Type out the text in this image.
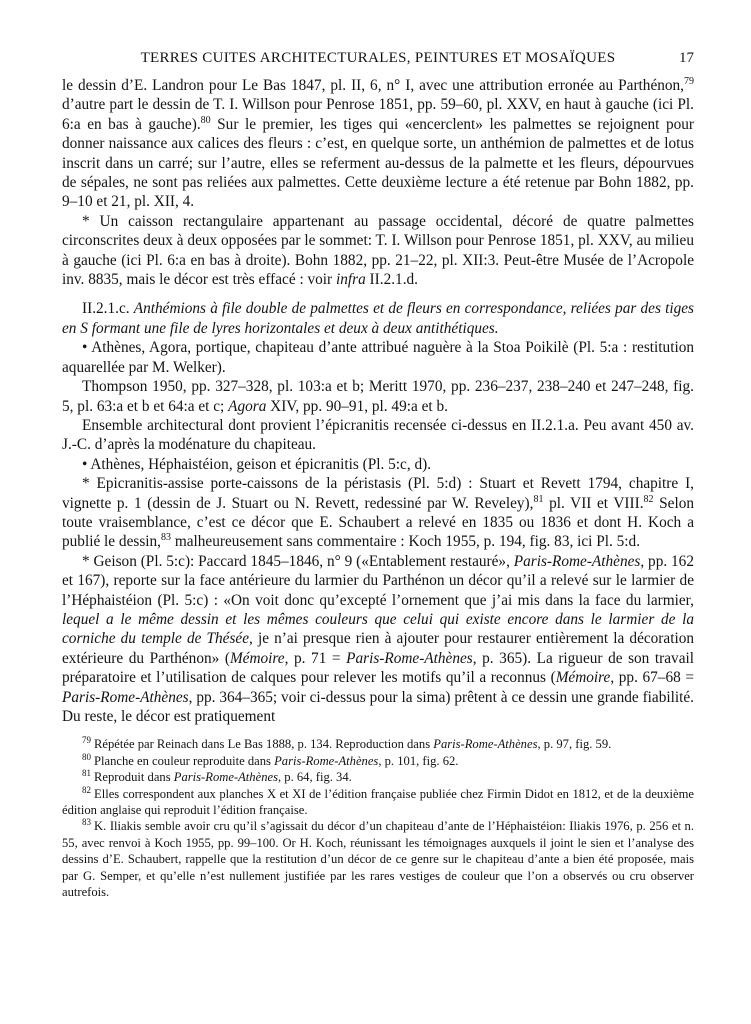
TERRES CUITES ARCHITECTURALES, PEINTURES ET MOSAÏQUES	17

le dessin d’E. Landron pour Le Bas 1847, pl. II, 6, n° I, avec une attribution erronée au Parthénon,$^{79}$ d’autre part le dessin de T. I. Willson pour Penrose 1851, pp. 59–60, pl. XXV, en haut à gauche (ici Pl. 6:a en bas à gauche).$^{80}$ Sur le premier, les tiges qui «encerclent» les palmettes se rejoignent pour donner naissance aux calices des fleurs : c’est, en quelque sorte, un anthémion de palmettes et de lotus inscrit dans un carré; sur l’autre, elles se referment au-dessus de la palmette et les fleurs, dépourvues de sépales, ne sont pas reliées aux palmettes. Cette deuxième lecture a été retenue par Bohn 1882, pp. 9–10 et 21, pl. XII, 4.

* Un caisson rectangulaire appartenant au passage occidental, décoré de quatre palmettes circonscrites deux à deux opposées par le sommet: T. I. Willson pour Penrose 1851, pl. XXV, au milieu à gauche (ici Pl. 6:a en bas à droite). Bohn 1882, pp. 21–22, pl. XII:3. Peut-être Musée de l’Acropole inv. 8835, mais le décor est très effacé : voir infra II.2.1.d.

II.2.1.c. Anthémions à file double de palmettes et de fleurs en correspondance, reliées par des tiges en S formant une file de lyres horizontales et deux à deux antithétiques.

• Athènes, Agora, portique, chapiteau d’ante attribué naguère à la Stoa Poikilè (Pl. 5:a : restitution aquarellée par M. Welker).

Thompson 1950, pp. 327–328, pl. 103:a et b; Meritt 1970, pp. 236–237, 238–240 et 247–248, fig. 5, pl. 63:a et b et 64:a et c; Agora XIV, pp. 90–91, pl. 49:a et b.

Ensemble architectural dont provient l’épicranitis recensée ci-dessus en II.2.1.a. Peu avant 450 av. J.-C. d’après la modénature du chapiteau.

• Athènes, Héphaistéion, geison et épicranitis (Pl. 5:c, d).

* Epicranitis-assise porte-caissons de la péristasis (Pl. 5:d) : Stuart et Revett 1794, chapitre I, vignette p. 1 (dessin de J. Stuart ou N. Revett, redessiné par W. Reveley),$^{81}$ pl. VII et VIII.$^{82}$ Selon toute vraisemblance, c’est ce décor que E. Schaubert a relevé en 1835 ou 1836 et dont H. Koch a publié le dessin,$^{83}$ malheureusement sans commentaire : Koch 1955, p. 194, fig. 83, ici Pl. 5:d.

* Geison (Pl. 5:c): Paccard 1845–1846, n° 9 («Entablement restauré», Paris-Rome-Athènes, pp. 162 et 167), reporte sur la face antérieure du larmier du Parthénon un décor qu’il a relevé sur le larmier de l’Héphaistéion (Pl. 5:c) : «On voit donc qu’excepté l’ornement que j’ai mis dans la face du larmier, lequel a le même dessin et les mêmes couleurs que celui qui existe encore dans le larmier de la corniche du temple de Thésée, je n’ai presque rien à ajouter pour restaurer entièrement la décoration extérieure du Parthénon» (Mémoire, p. 71 = Paris-Rome-Athènes, p. 365). La rigueur de son travail préparatoire et l’utilisation de calques pour relever les motifs qu’il a reconnus (Mémoire, pp. 67–68 = Paris-Rome-Athènes, pp. 364–365; voir ci-dessus pour la sima) prêtent à ce dessin une grande fiabilité. Du reste, le décor est pratiquement

$^{79}$ Répétée par Reinach dans Le Bas 1888, p. 134. Reproduction dans Paris-Rome-Athènes, p. 97, fig. 59.

$^{80}$ Planche en couleur reproduite dans Paris-Rome-Athènes, p. 101, fig. 62.

$^{81}$ Reproduit dans Paris-Rome-Athènes, p. 64, fig. 34.

$^{82}$ Elles correspondent aux planches X et XI de l’édition française publiée chez Firmin Didot en 1812, et de la deuxième édition anglaise qui reproduit l’édition française.

$^{83}$ K. Iliakis semble avoir cru qu’il s’agissait du décor d’un chapiteau d’ante de l’Héphaistéion: Iliakis 1976, p. 256 et n. 55, avec renvoi à Koch 1955, pp. 99–100. Or H. Koch, réunissant les témoignages auxquels il joint le sien et l’analyse des dessins d’E. Schaubert, rappelle que la restitution d’un décor de ce genre sur le chapiteau d’ante a bien été proposée, mais par G. Semper, et qu’elle n’est nullement justifiée par les rares vestiges de couleur que l’on a observés ou cru observer autrefois.
